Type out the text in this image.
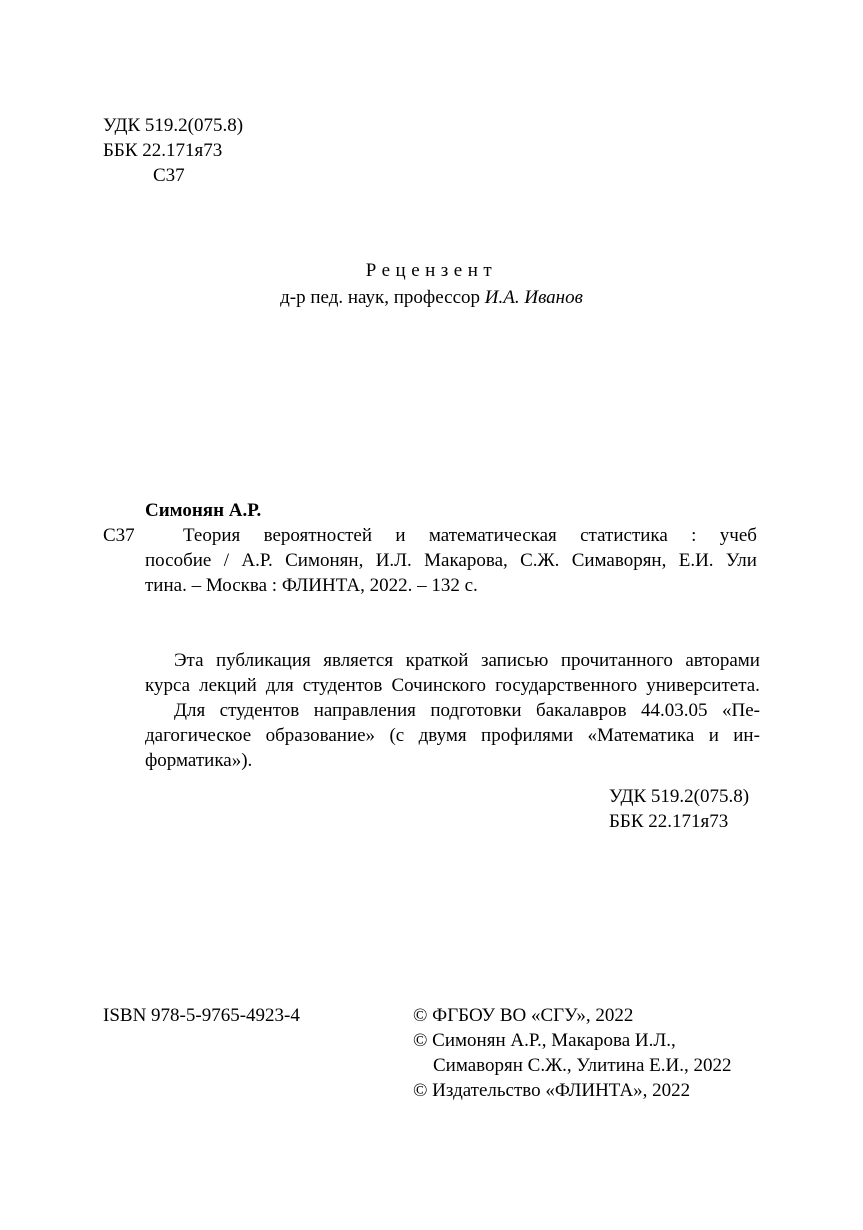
УДК 519.2(075.8)
ББК 22.171я73
С37
Рецензент
д-р пед. наук, профессор И.А. Иванов
Симонян А.Р.
С37	Теория вероятностей и математическая статистика : учеб
пособие / А.Р. Симонян, И.Л. Макарова, С.Ж. Симаворян, Е.И. Ули
тина. – Москва : ФЛИНТА, 2022. – 132 с.
Эта публикация является краткой записью прочитанного авторами
курса лекций для студентов Сочинского государственного университета.
Для студентов направления подготовки бакалавров 44.03.05 «Пе-
дагогическое образование» (с двумя профилями «Математика и ин-
форматика»).
УДК 519.2(075.8)
ББК 22.171я73
ISBN 978-5-9765-4923-4	© ФГБОУ ВО «СГУ», 2022
© Симонян А.Р., Макарова И.Л.,
Симаворян С.Ж., Улитина Е.И., 2022
© Издательство «ФЛИНТА», 2022
